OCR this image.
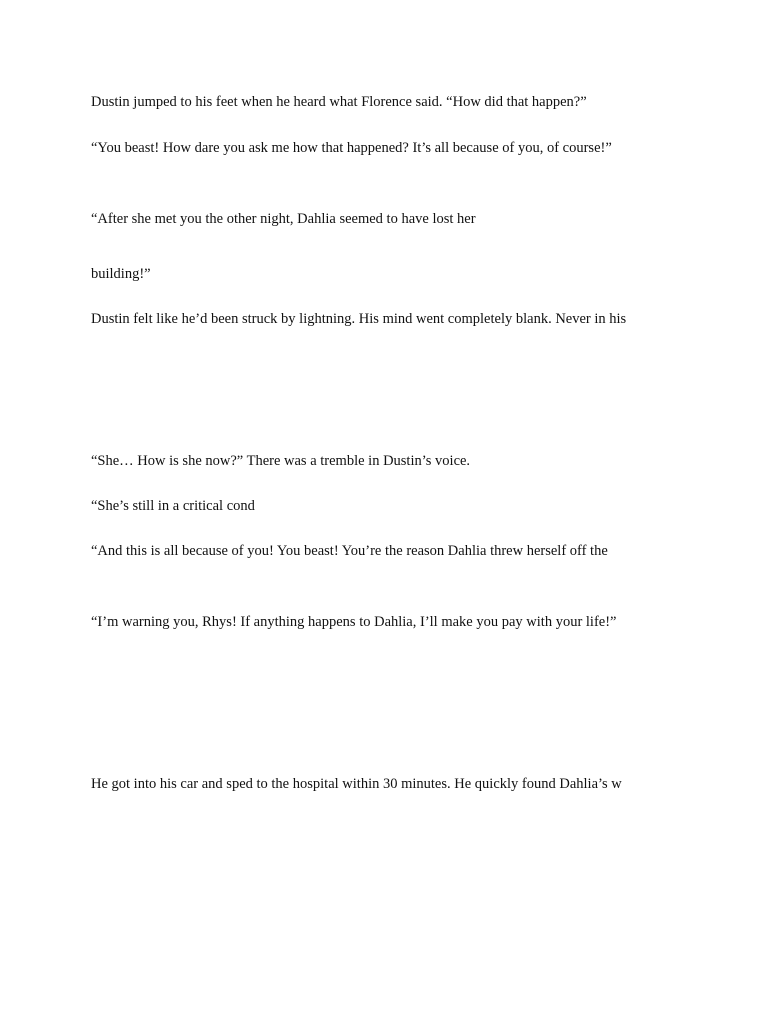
Dustin jumped to his feet when he heard what Florence said. “How did that happen?”

“You beast! How dare you ask me how that happened? It’s all because of you, of course!”

“After she met you the other night, Dahlia seemed to have lost her

building!”

Dustin felt like he’d been struck by lightning. His mind went completely blank. Never in his

“She… How is she now?” There was a tremble in Dustin’s voice.

“She’s still in a critical cond

“And this is all because of you! You beast! You’re the reason Dahlia threw herself off the

“I’m warning you, Rhys! If anything happens to Dahlia, I’ll make you pay with your life!”

He got into his car and sped to the hospital within 30 minutes. He quickly found Dahlia’s w
